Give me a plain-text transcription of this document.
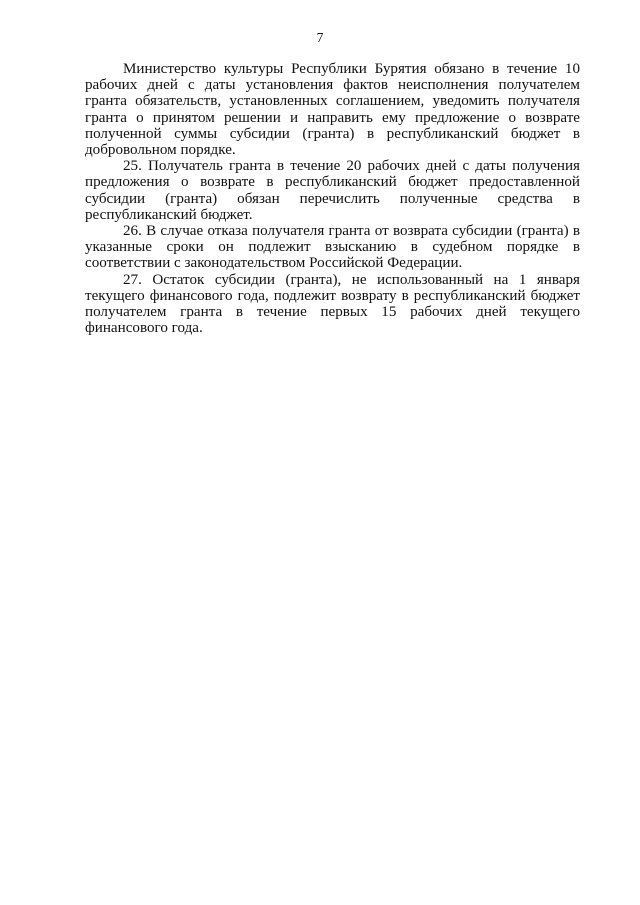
7

Министерство культуры Республики Бурятия обязано в течение 10 рабочих дней с даты установления фактов неисполнения получателем гранта обязательств, установленных соглашением, уведомить получателя гранта о принятом решении и направить ему предложение о возврате полученной суммы субсидии (гранта) в республиканский бюджет в добровольном порядке.

25. Получатель гранта в течение 20 рабочих дней с даты получения предложения о возврате в республиканский бюджет предоставленной субсидии (гранта) обязан перечислить полученные средства в республиканский бюджет.

26. В случае отказа получателя гранта от возврата субсидии (гранта) в указанные сроки он подлежит взысканию в судебном порядке в соответствии с законодательством Российской Федерации.

27. Остаток субсидии (гранта), не использованный на 1 января текущего финансового года, подлежит возврату в республиканский бюджет получателем гранта в течение первых 15 рабочих дней текущего финансового года.
